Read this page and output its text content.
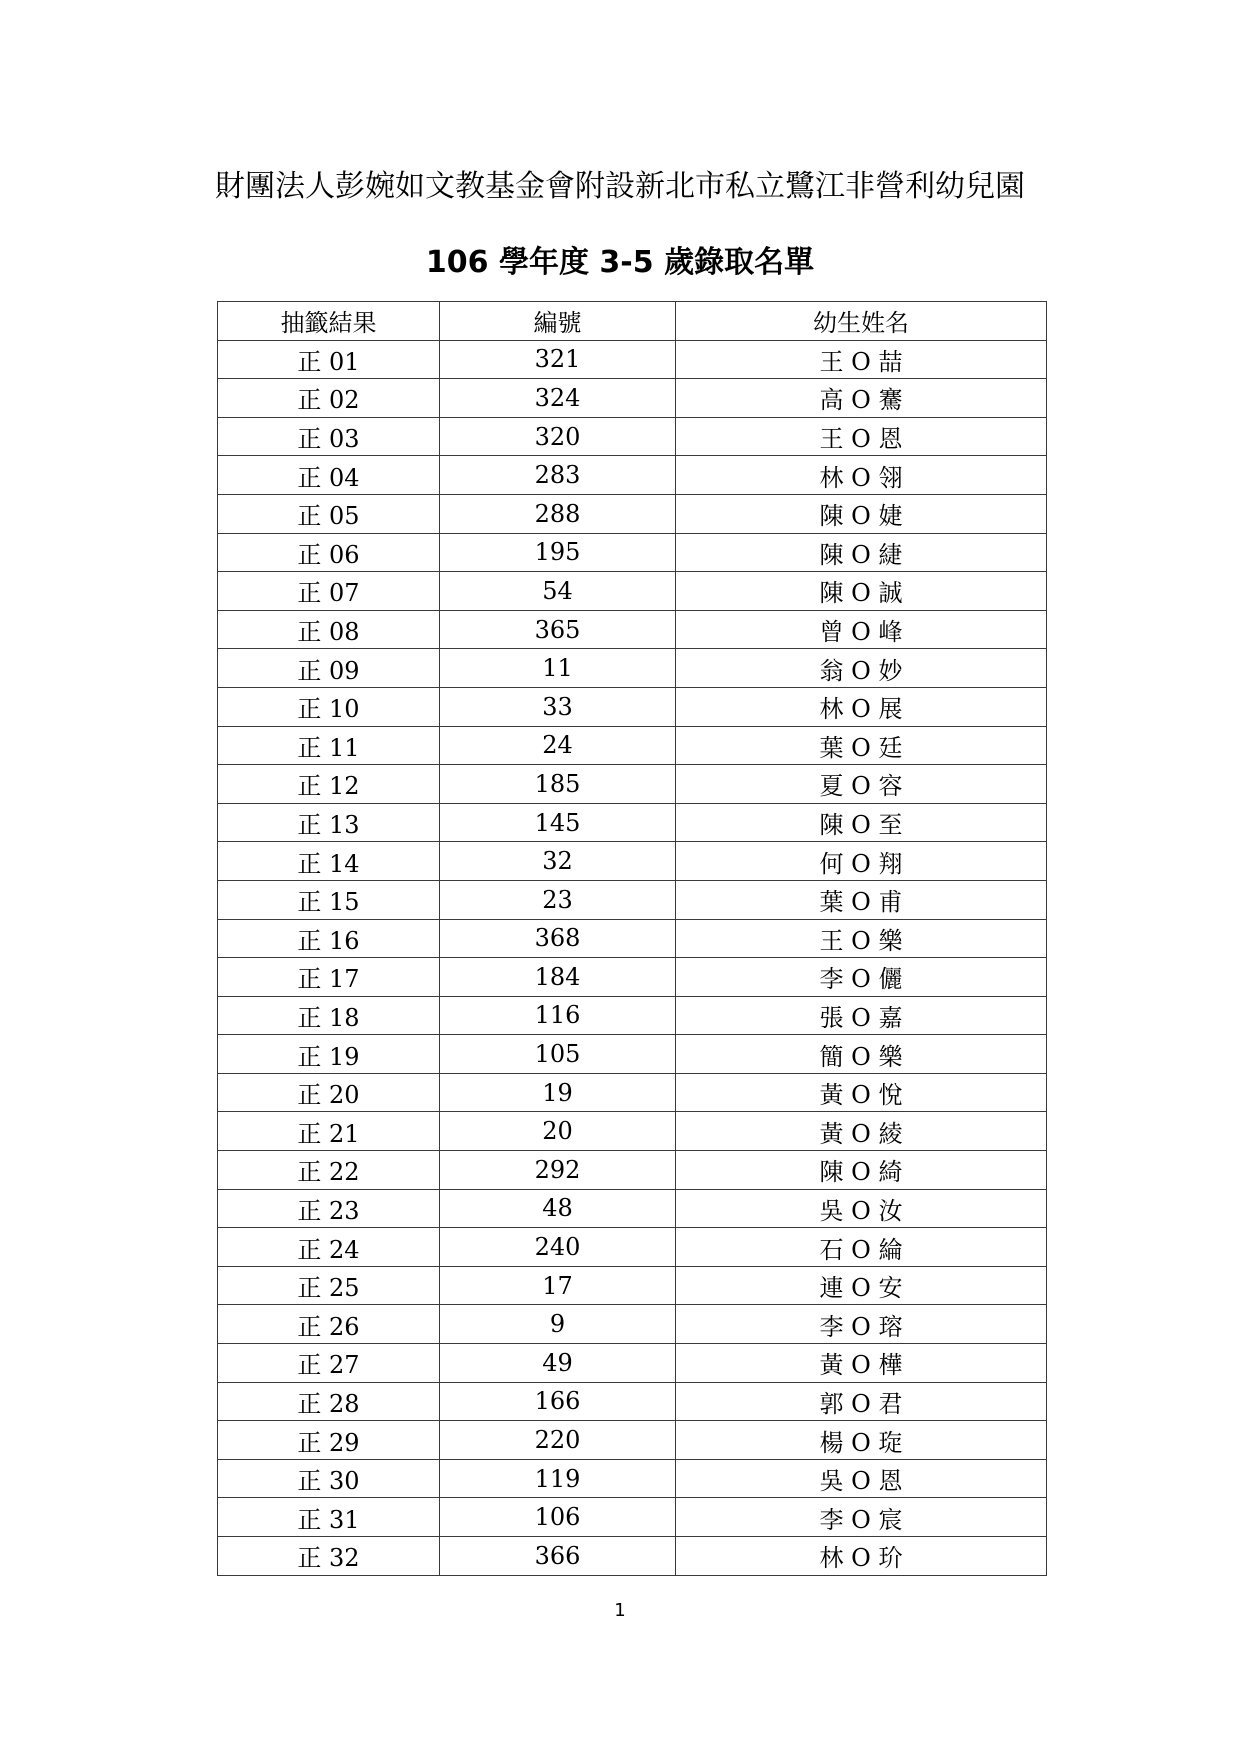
財團法人彭婉如文教基金會附設新北市私立鷺江非營利幼兒園
106 學年度 3-5 歲錄取名單
抽籤結果	編號	幼生姓名
正 01	321	王 O 喆
正 02	324	高 O 騫
正 03	320	王 O 恩
正 04	283	林 O 翎
正 05	288	陳 O 婕
正 06	195	陳 O 緁
正 07	54	陳 O 誠
正 08	365	曾 O 峰
正 09	11	翁 O 妙
正 10	33	林 O 展
正 11	24	葉 O 廷
正 12	185	夏 O 容
正 13	145	陳 O 至
正 14	32	何 O 翔
正 15	23	葉 O 甫
正 16	368	王 O 樂
正 17	184	李 O 儷
正 18	116	張 O 嘉
正 19	105	簡 O 樂
正 20	19	黃 O 悅
正 21	20	黃 O 綾
正 22	292	陳 O 綺
正 23	48	吳 O 汝
正 24	240	石 O 綸
正 25	17	連 O 安
正 26	9	李 O 瑢
正 27	49	黃 O 樺
正 28	166	郭 O 君
正 29	220	楊 O 琁
正 30	119	吳 O 恩
正 31	106	李 O 宸
正 32	366	林 O 玠
1
